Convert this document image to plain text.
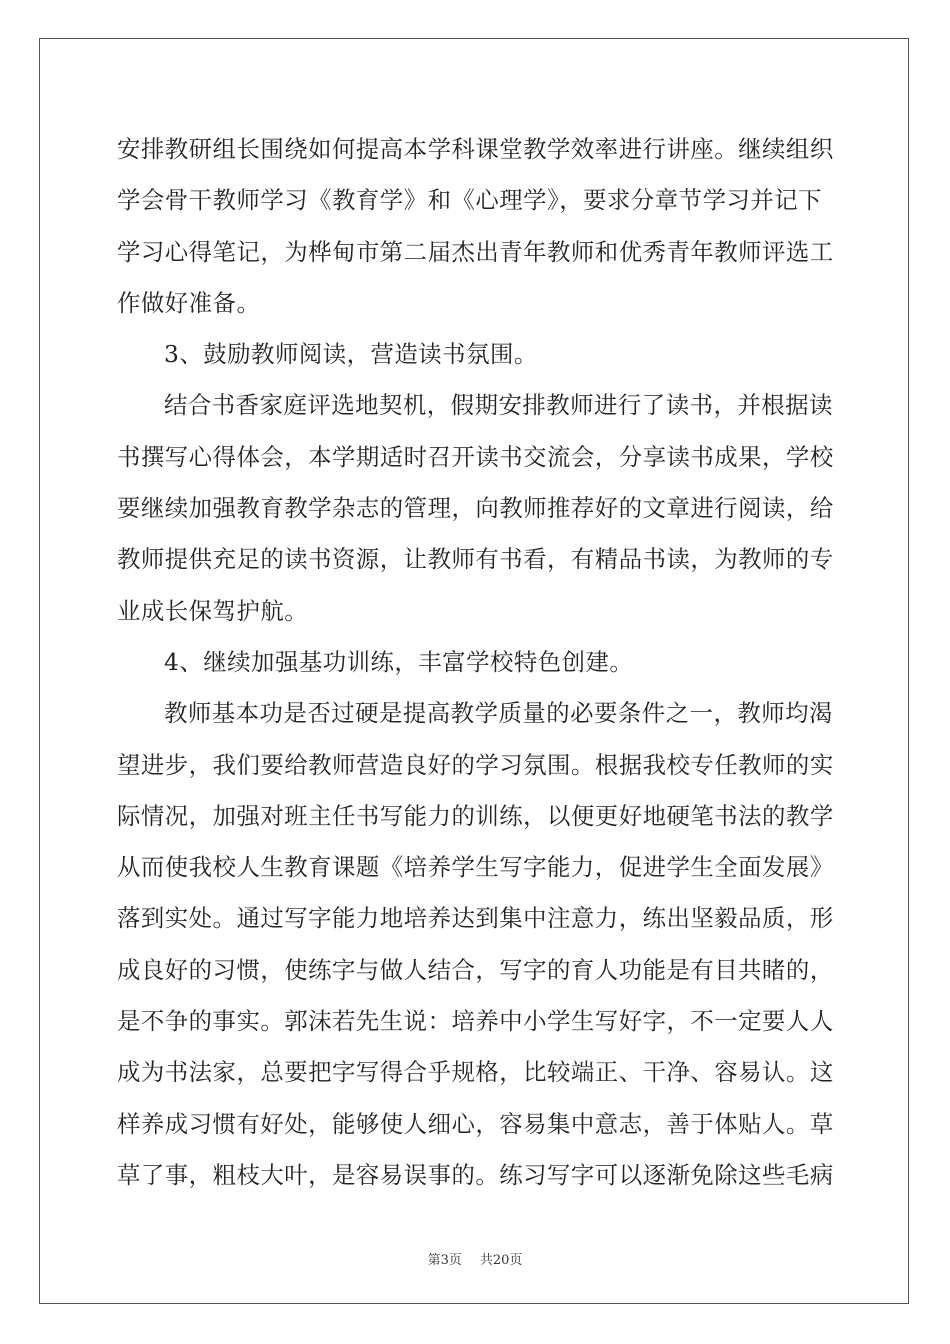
安排教研组长围绕如何提高本学科课堂教学效率进行讲座。继续组织
学会骨干教师学习《教育学》和《心理学》，要求分章节学习并记下
学习心得笔记，为桦甸市第二届杰出青年教师和优秀青年教师评选工
作做好准备。
3、鼓励教师阅读，营造读书氛围。
结合书香家庭评选地契机，假期安排教师进行了读书，并根据读
书撰写心得体会，本学期适时召开读书交流会，分享读书成果，学校
要继续加强教育教学杂志的管理，向教师推荐好的文章进行阅读，给
教师提供充足的读书资源，让教师有书看，有精品书读，为教师的专
业成长保驾护航。
4、继续加强基功训练，丰富学校特色创建。
教师基本功是否过硬是提高教学质量的必要条件之一，教师均渴
望进步，我们要给教师营造良好的学习氛围。根据我校专任教师的实
际情况，加强对班主任书写能力的训练，以便更好地硬笔书法的教学
从而使我校人生教育课题《培养学生写字能力，促进学生全面发展》
落到实处。通过写字能力地培养达到集中注意力，练出坚毅品质，形
成良好的习惯，使练字与做人结合，写字的育人功能是有目共睹的，
是不争的事实。郭沫若先生说：培养中小学生写好字，不一定要人人
成为书法家，总要把字写得合乎规格，比较端正、干净、容易认。这
样养成习惯有好处，能够使人细心，容易集中意志，善于体贴人。草
草了事，粗枝大叶，是容易误事的。练习写字可以逐渐免除这些毛病
第3页 共20页
